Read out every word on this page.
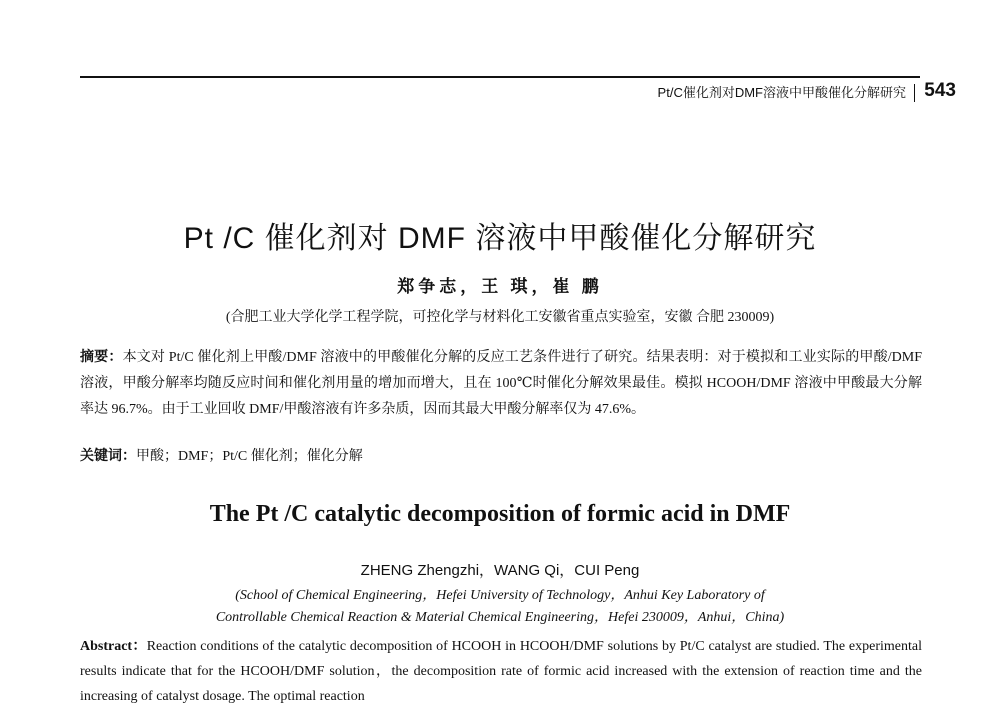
Pt/C催化剂对DMF溶液中甲酸催化分解研究 543
Pt /C 催化剂对 DMF 溶液中甲酸催化分解研究
郑争志，王 琪，崔 鹏
(合肥工业大学化学工程学院，可控化学与材料化工安徽省重点实验室，安徽 合肥 230009)
摘要：本文对 Pt/C 催化剂上甲酸/DMF 溶液中的甲酸催化分解的反应工艺条件进行了研究。结果表明：对于模拟和工业实际的甲酸/DMF 溶液，甲酸分解率均随反应时间和催化剂用量的增加而增大，且在 100℃时催化分解效果最佳。模拟 HCOOH/DMF 溶液中甲酸最大分解率达 96.7%。由于工业回收 DMF/甲酸溶液有许多杂质，因而其最大甲酸分解率仅为 47.6%。
关键词：甲酸；DMF；Pt/C 催化剂；催化分解
The Pt /C catalytic decomposition of formic acid in DMF
ZHENG Zhengzhi，WANG Qi，CUI Peng
(School of Chemical Engineering，Hefei University of Technology，Anhui Key Laboratory of
Controllable Chemical Reaction & Material Chemical Engineering，Hefei 230009，Anhui，China)
Abstract：Reaction conditions of the catalytic decomposition of HCOOH in HCOOH/DMF solutions by Pt/C catalyst are studied. The experimental results indicate that for the HCOOH/DMF solution，the decomposition rate of formic acid increased with the extension of reaction time and the increasing of catalyst dosage. The optimal reaction
